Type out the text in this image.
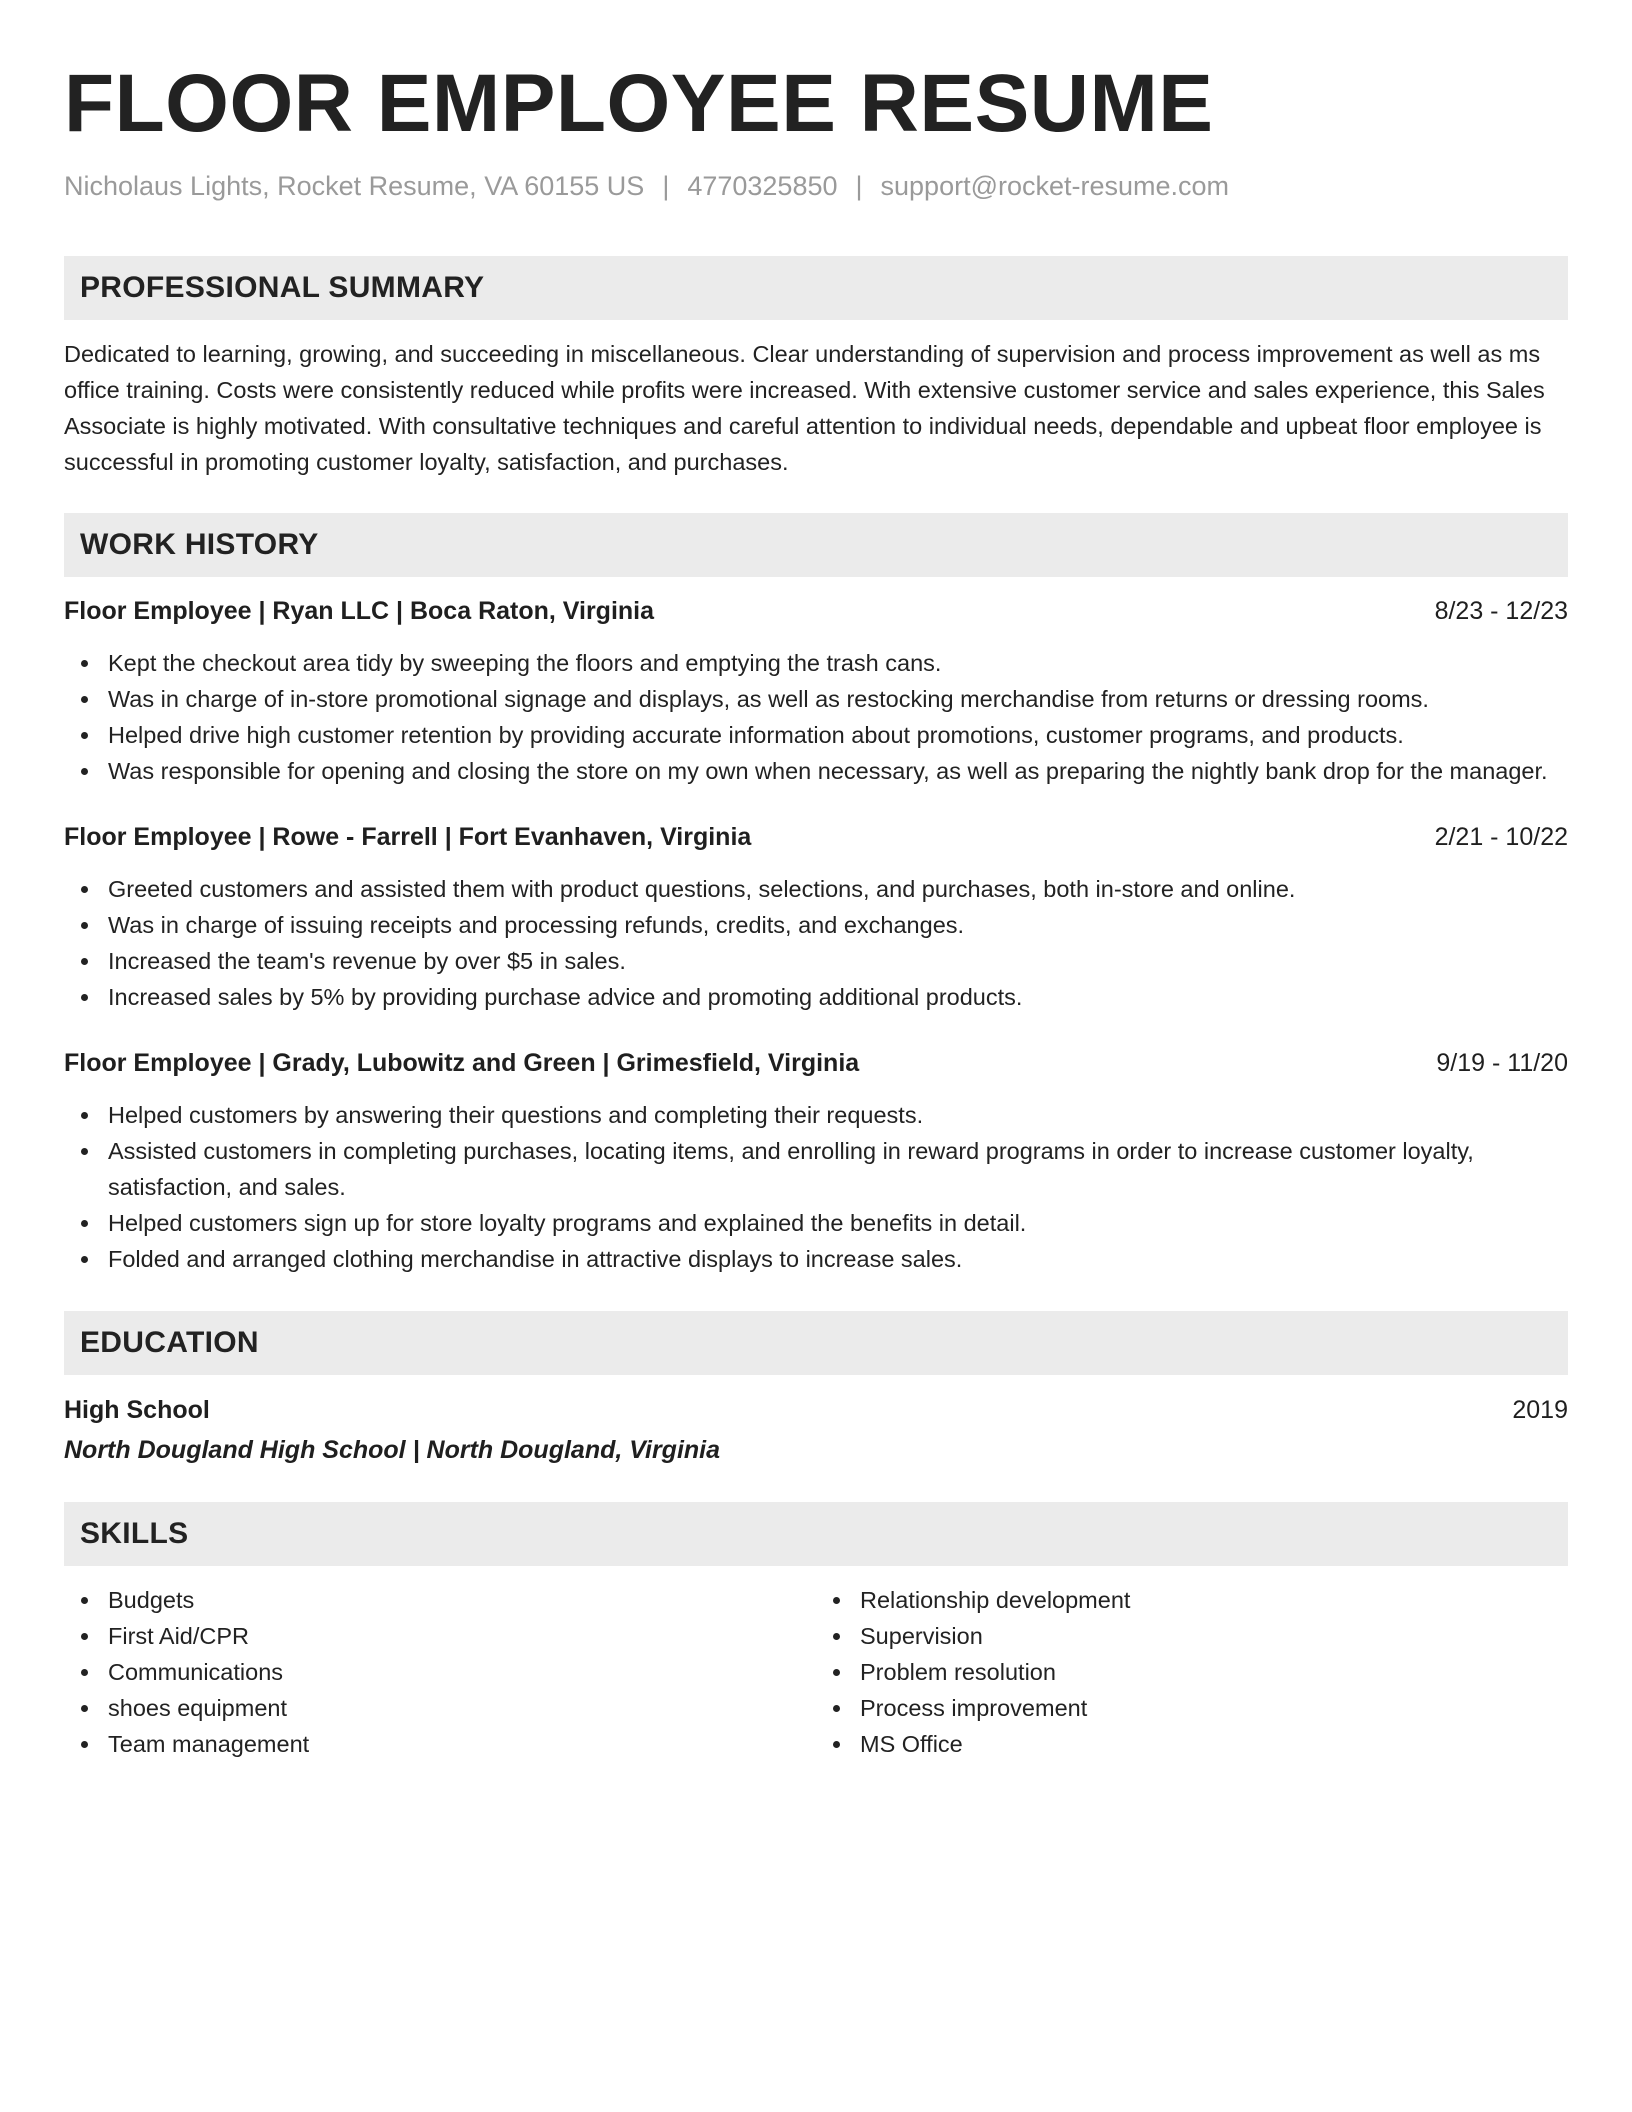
FLOOR EMPLOYEE RESUME
Nicholaus Lights, Rocket Resume, VA 60155 US | 4770325850 | support@rocket-resume.com
PROFESSIONAL SUMMARY
Dedicated to learning, growing, and succeeding in miscellaneous. Clear understanding of supervision and process improvement as well as ms office training. Costs were consistently reduced while profits were increased. With extensive customer service and sales experience, this Sales Associate is highly motivated. With consultative techniques and careful attention to individual needs, dependable and upbeat floor employee is successful in promoting customer loyalty, satisfaction, and purchases.
WORK HISTORY
Floor Employee | Ryan LLC | Boca Raton, Virginia	8/23 - 12/23
Kept the checkout area tidy by sweeping the floors and emptying the trash cans.
Was in charge of in-store promotional signage and displays, as well as restocking merchandise from returns or dressing rooms.
Helped drive high customer retention by providing accurate information about promotions, customer programs, and products.
Was responsible for opening and closing the store on my own when necessary, as well as preparing the nightly bank drop for the manager.
Floor Employee | Rowe - Farrell | Fort Evanhaven, Virginia	2/21 - 10/22
Greeted customers and assisted them with product questions, selections, and purchases, both in-store and online.
Was in charge of issuing receipts and processing refunds, credits, and exchanges.
Increased the team's revenue by over $5 in sales.
Increased sales by 5% by providing purchase advice and promoting additional products.
Floor Employee | Grady, Lubowitz and Green | Grimesfield, Virginia	9/19 - 11/20
Helped customers by answering their questions and completing their requests.
Assisted customers in completing purchases, locating items, and enrolling in reward programs in order to increase customer loyalty, satisfaction, and sales.
Helped customers sign up for store loyalty programs and explained the benefits in detail.
Folded and arranged clothing merchandise in attractive displays to increase sales.
EDUCATION
High School	2019
North Dougland High School | North Dougland, Virginia
SKILLS
Budgets
First Aid/CPR
Communications
shoes equipment
Team management
Relationship development
Supervision
Problem resolution
Process improvement
MS Office
